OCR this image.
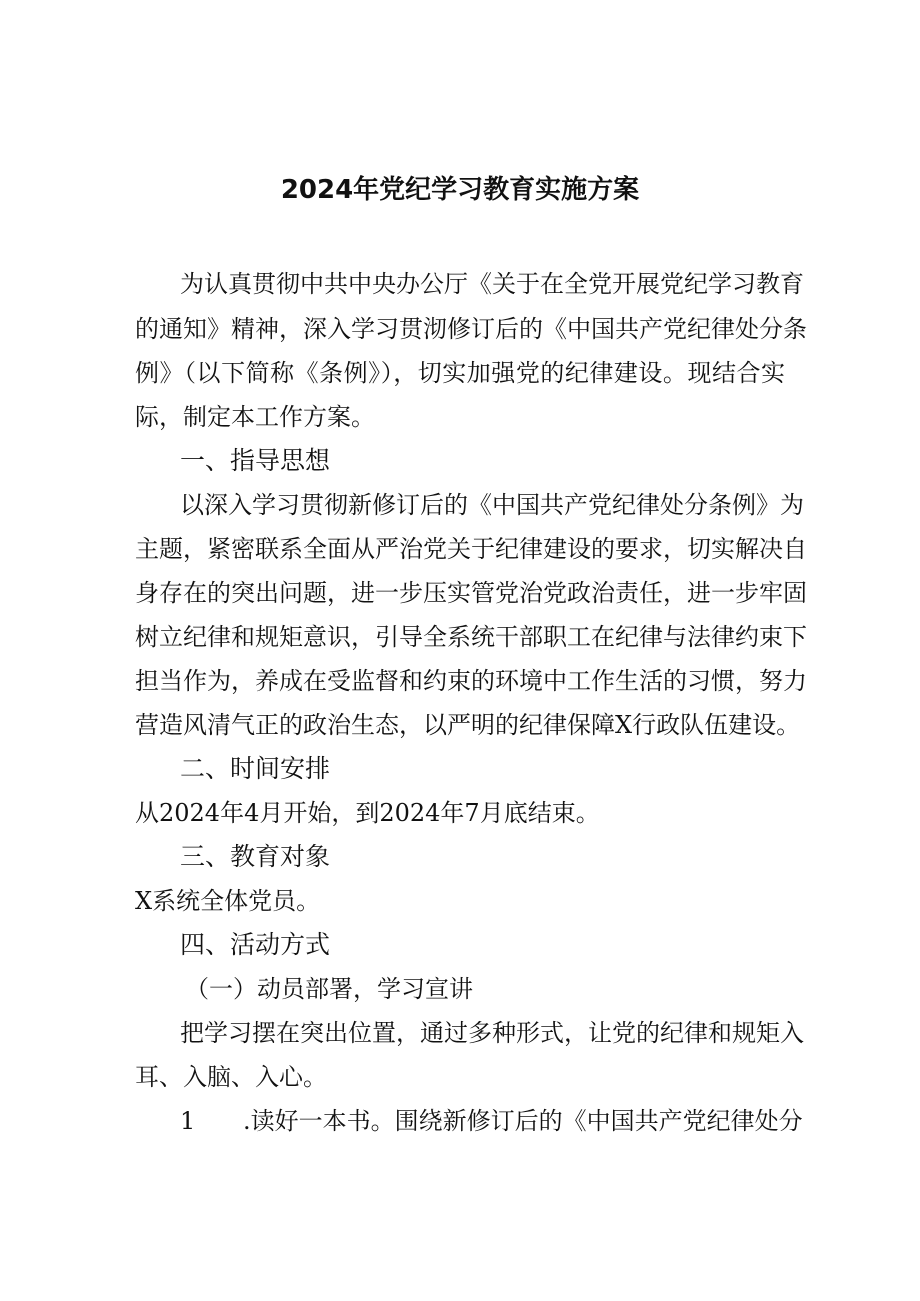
2024年党纪学习教育实施方案
为认真贯彻中共中央办公厅《关于在全党开展党纪学习教育
的通知》精神，深入学习贯沏修订后的《中国共产党纪律处分条
例》（以下简称《条例》），切实加强党的纪律建设。现结合实
际，制定本工作方案。
一、指导思想
以深入学习贯彻新修订后的《中国共产党纪律处分条例》为
主题，紧密联系全面从严治党关于纪律建设的要求，切实解决自
身存在的突出问题，进一步压实管党治党政治责任，进一步牢固
树立纪律和规矩意识，引导全系统干部职工在纪律与法律约束下
担当作为，养成在受监督和约束的环境中工作生活的习惯，努力
营造风清气正的政治生态，以严明的纪律保障X行政队伍建设。
二、时间安排
从2024年4月开始，到2024年7月底结束。
三、教育对象
X系统全体党员。
四、活动方式
（一）动员部署，学习宣讲
把学习摆在突出位置，通过多种形式，让党的纪律和规矩入
耳、入脑、入心。
1 .读好一本书。围绕新修订后的《中国共产党纪律处分
